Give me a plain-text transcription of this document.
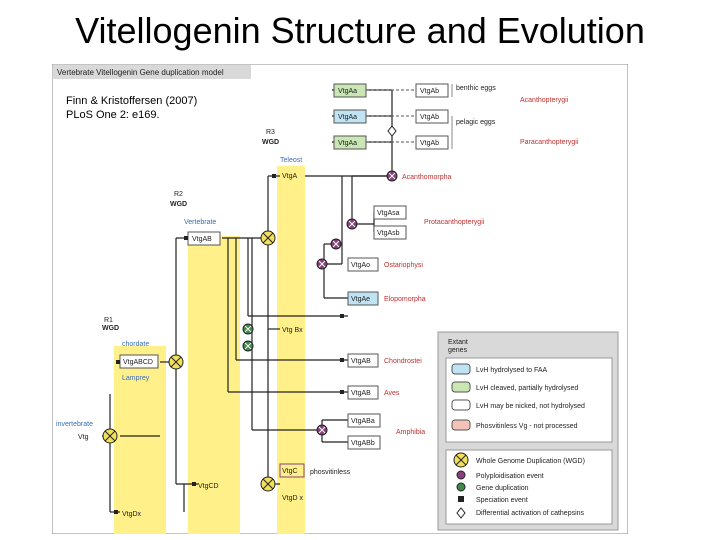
Vitellogenin Structure and Evolution
Vertebrate Vitellogenin Gene duplication model
R1
WGD
R2
WGD
R3
WGD
invertebrate
chordate
Vertebrate
Teleost
Lamprey
Vtg
VtgABCD
VtgAB
VtgA
Vtg Bx
VtgCD
VtgDx
VtgC
VtgD x
phosvitinless
VtgAa	VtgAb
VtgAa	VtgAb
VtgAa	VtgAb
benthic eggs
pelagic eggs
Acanthopterygii
Paracanthopterygii
VtgAsa
VtgAsb
VtgAo
VtgAe
VtgAB
VtgAB
VtgABa
VtgABb
Acanthomorpha
Protacanthopterygii
Ostariophysi
Elopomorpha
Chondrostei
Aves
Amphibia
Extant
genes
LvH hydrolysed to FAA
LvH cleaved, partially hydrolysed
LvH may be nicked, not hydrolysed
Phosvitinless Vg - not processed
Whole Genome Duplication (WGD)
Polyploidisation event
Gene duplication
Speciation event
Differential activation of cathepsins
Finn & Kristoffersen (2007)
PLoS One 2: e169.
